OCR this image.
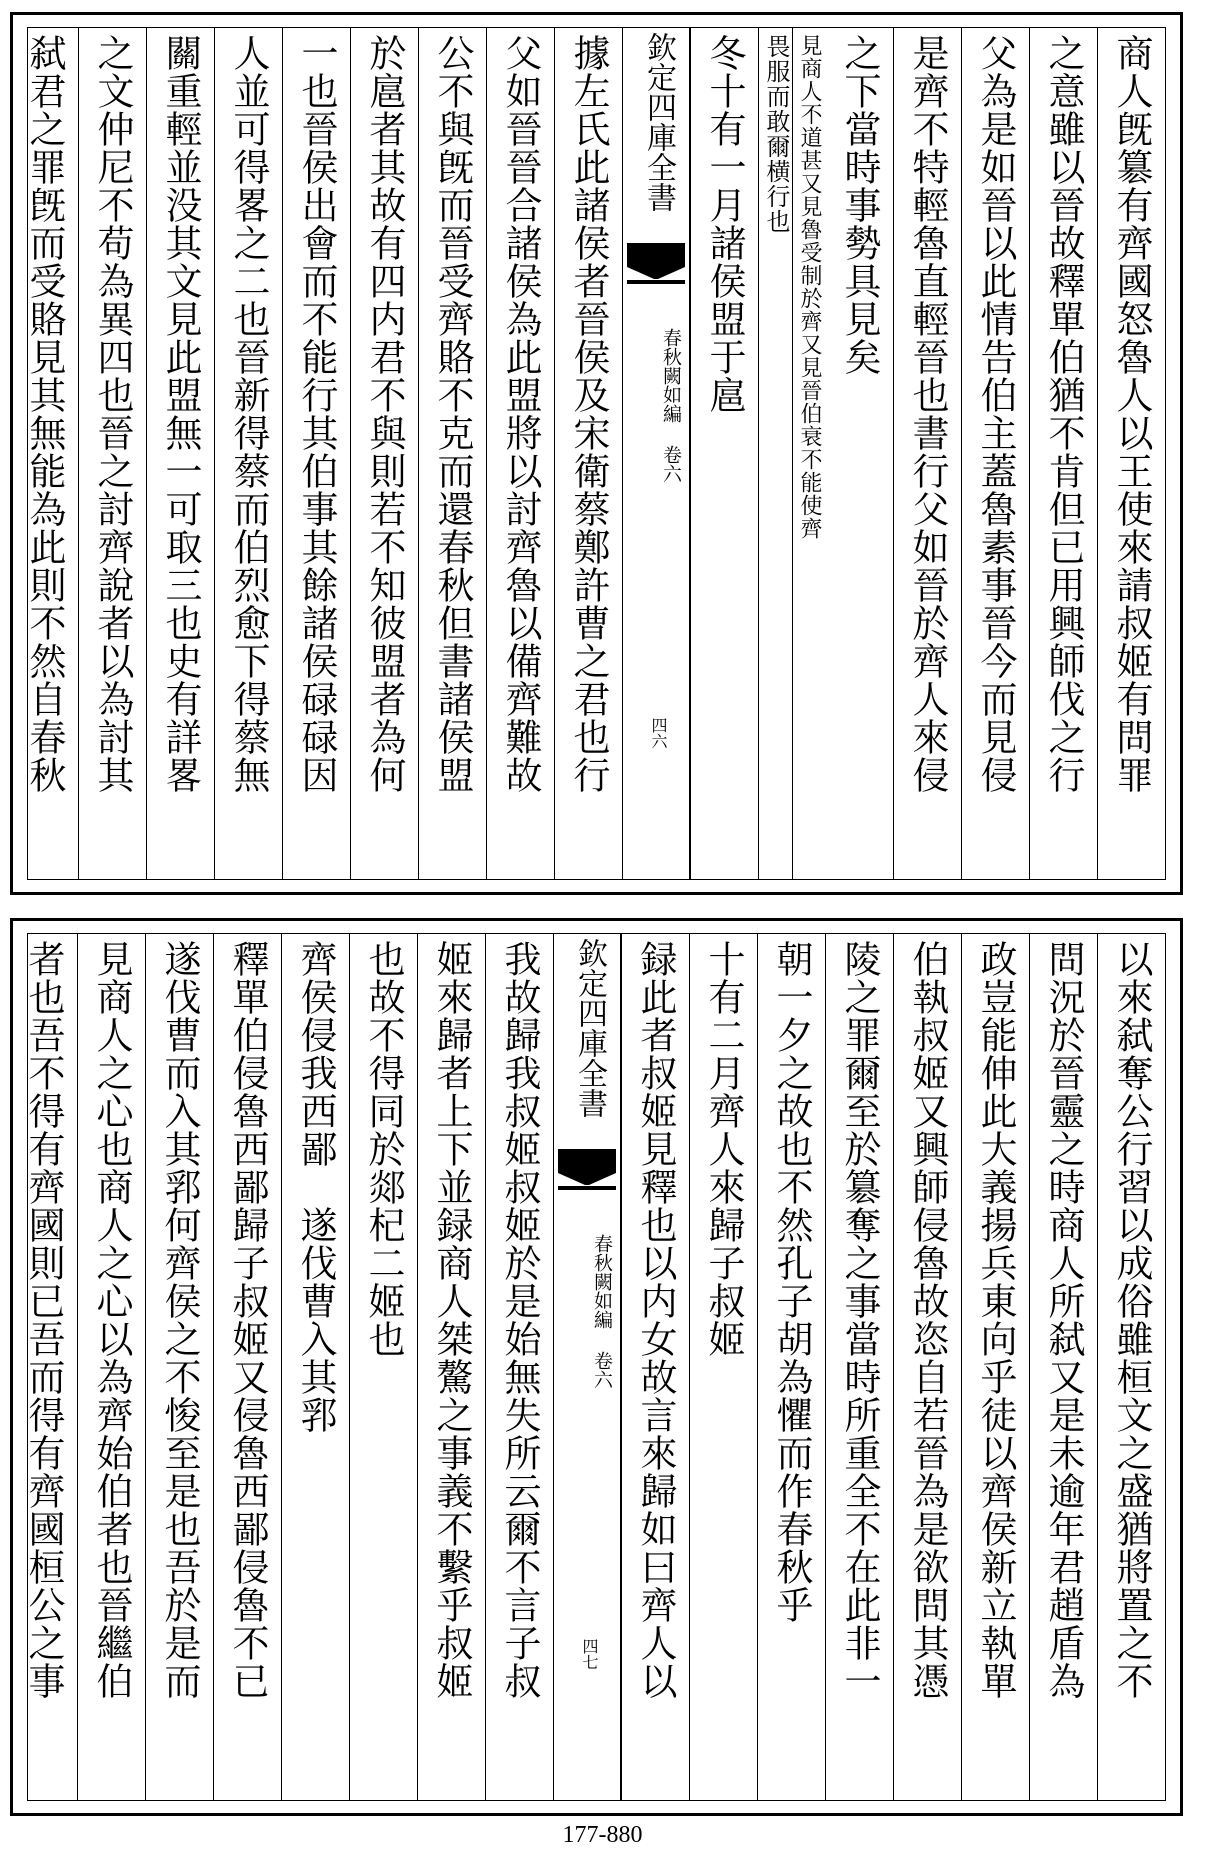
商人旣簒有齊國怒魯人以王使來請叔姬有問罪
之意雖以晉故釋單伯猶不肯但已用興師伐之行
父為是如晉以此情告伯主蓋魯素事晉今而見侵
是齊不特輕魯直輕晉也書行父如晉於齊人來侵
之下當時事勢具見矣
見商人不道甚又見魯受制於齊又見晉伯衰不能使齊
畏服而敢爾横行也
冬十有一月諸侯盟于扈
欽定四庫全書
春秋闕如編 卷六
四六
據左氏此諸侯者晉侯及宋衛蔡鄭許曹之君也行
父如晉晉合諸侯為此盟將以討齊魯以備齊難故
公不與旣而晉受齊賂不克而還春秋但書諸侯盟
於扈者其故有四内君不與則若不知彼盟者為何
一也晉侯出會而不能行其伯事其餘諸侯碌碌因
人並可得畧之二也晉新得蔡而伯烈愈下得蔡無
關重輕並没其文見此盟無一可取三也史有詳畧
之文仲尼不苟為異四也晉之討齊說者以為討其
弑君之罪旣而受賂見其無能為此則不然自春秋
以來弑奪公行習以成俗雖桓文之盛猶將置之不
問況於晉靈之時商人所弑又是未逾年君趙盾為
政豈能伸此大義揚兵東向乎徒以齊侯新立執單
伯執叔姬又興師侵魯故恣自若晉為是欲問其憑
陵之罪爾至於簒奪之事當時所重全不在此非一
朝一夕之故也不然孔子胡為懼而作春秋乎
十有二月齊人來歸子叔姬
録此者叔姬見釋也以内女故言來歸如曰齊人以
欽定四庫全書
春秋闕如編 卷六
四七
我故歸我叔姬叔姬於是始無失所云爾不言子叔
姬來歸者上下並録商人桀驁之事義不繫乎叔姬
也故不得同於郯杞二姬也
齊侯侵我西鄙　遂伐曹入其郛
釋單伯侵魯西鄙歸子叔姬又侵魯西鄙侵魯不已
遂伐曹而入其郛何齊侯之不悛至是也吾於是而
見商人之心也商人之心以為齊始伯者也晉繼伯
者也吾不得有齊國則已吾而得有齊國桓公之事
177-880
